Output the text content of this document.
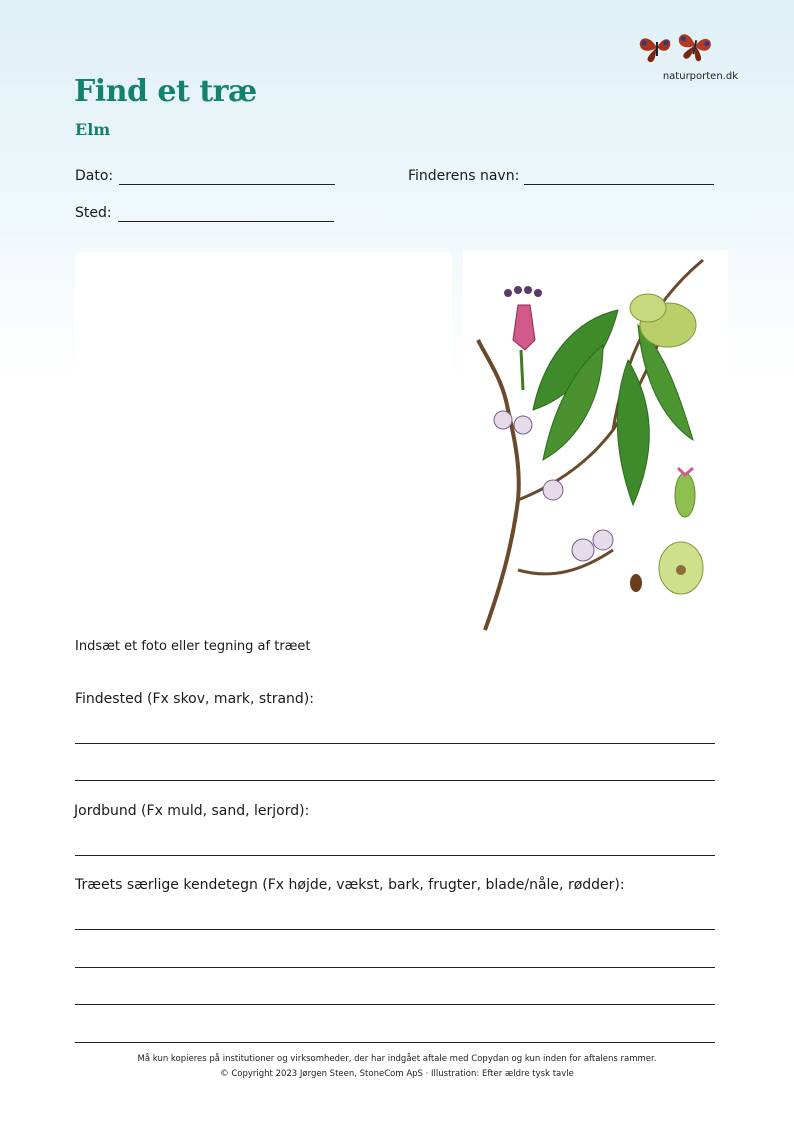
naturporten.dk
Find et træ
Elm
Dato:	Finderens navn:
Sted:
Indsæt et foto eller tegning af træet
Findested (Fx skov, mark, strand):
Jordbund (Fx muld, sand, lerjord):
Træets særlige kendetegn (Fx højde, vækst, bark, frugter, blade/nåle, rødder):
Må kun kopieres på institutioner og virksomheder, der har indgået aftale med Copydan og kun inden for aftalens rammer.
© Copyright 2023 Jørgen Steen, StoneCom ApS · Illustration: Efter ældre tysk tavle
